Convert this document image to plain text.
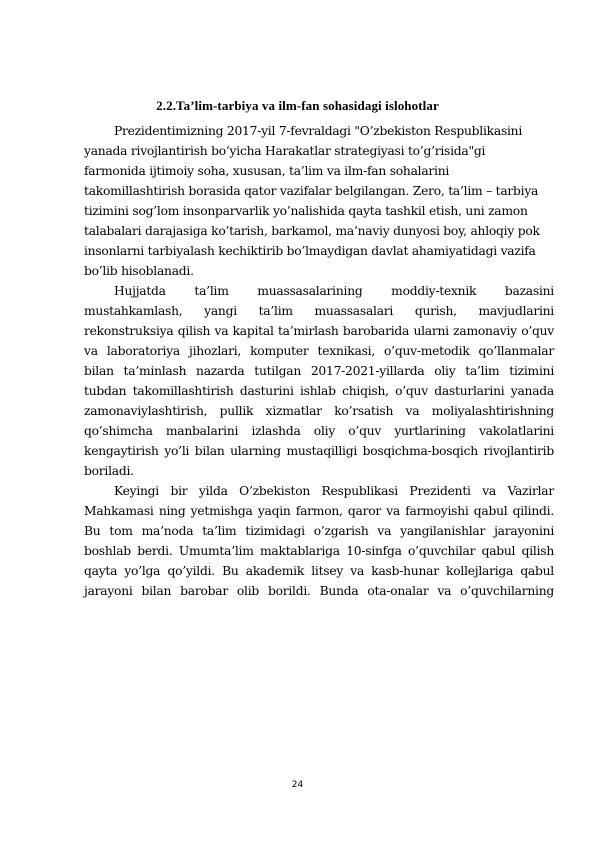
2.2.Ta’lim-tarbiya va ilm-fan sohasidagi islohotlar
Prezidentimizning 2017-yil 7-fevraldagi "O’zbekiston Respublikasini
yanada rivojlantirish bo’yicha Harakatlar strategiyasi to’g’risida"gi
farmonida ijtimoiy soha, xususan, ta’lim va ilm-fan sohalarini
takomillashtirish borasida qator vazifalar belgilangan. Zero, ta’lim – tarbiya
tizimini sog’lom insonparvarlik yo’nalishida qayta tashkil etish, uni zamon
talabalari darajasiga ko’tarish, barkamol, ma’naviy dunyosi boy, ahloqiy pok
insonlarni tarbiyalash kechiktirib bo’lmaydigan davlat ahamiyatidagi vazifa
bo’lib hisoblanadi.
Hujjatda ta’lim muassasalarining moddiy-texnik bazasini
mustahkamlash, yangi ta’lim muassasalari qurish, mavjudlarini
rekonstruksiya qilish va kapital ta’mirlash barobarida ularni zamonaviy o’quv
va laboratoriya jihozlari, komputer texnikasi, o’quv-metodik qo’llanmalar
bilan ta’minlash nazarda tutilgan 2017-2021-yillarda oliy ta’lim tizimini
tubdan takomillashtirish dasturini ishlab chiqish, o’quv dasturlarini yanada
zamonaviylashtirish, pullik xizmatlar ko’rsatish va moliyalashtirishning
qo’shimcha manbalarini izlashda oliy o’quv yurtlarining vakolatlarini
kengaytirish yo’li bilan ularning mustaqilligi bosqichma-bosqich rivojlantirib
boriladi.
Keyingi bir yilda O’zbekiston Respublikasi Prezidenti va Vazirlar
Mahkamasi ning yetmishga yaqin farmon, qaror va farmoyishi qabul qilindi.
Bu tom ma’noda ta’lim tizimidagi o’zgarish va yangilanishlar jarayonini
boshlab berdi. Umumta’lim maktablariga 10-sinfga o’quvchilar qabul qilish
qayta yo’lga qo’yildi. Bu akademik litsey va kasb-hunar kollejlariga qabul
jarayoni bilan barobar olib borildi. Bunda ota-onalar va o’quvchilarning
24
